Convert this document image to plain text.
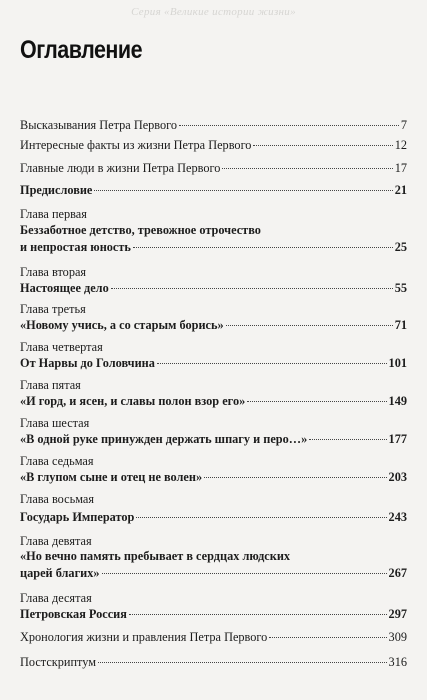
Серия «Великие истории жизни»
Оглавление
Высказывания Петра Первого	7
Интересные факты из жизни Петра Первого	12
Главные люди в жизни Петра Первого	17
Предисловие	21
Глава первая
Беззаботное детство, тревожное отрочество
и непростая юность	25
Глава вторая
Настоящее дело	55
Глава третья
«Новому учись, а со старым борись»	71
Глава четвертая
От Нарвы до Головчина	101
Глава пятая
«И горд, и ясен, и славы полон взор его»	149
Глава шестая
«В одной руке принужден держать шпагу и перо…»	177
Глава седьмая
«В глупом сыне и отец не волен»	203
Глава восьмая
Государь Император	243
Глава девятая
«Но вечно память пребывает в сердцах людских
царей благих»	267
Глава десятая
Петровская Россия	297
Хронология жизни и правления Петра Первого	309
Постскриптум	316
